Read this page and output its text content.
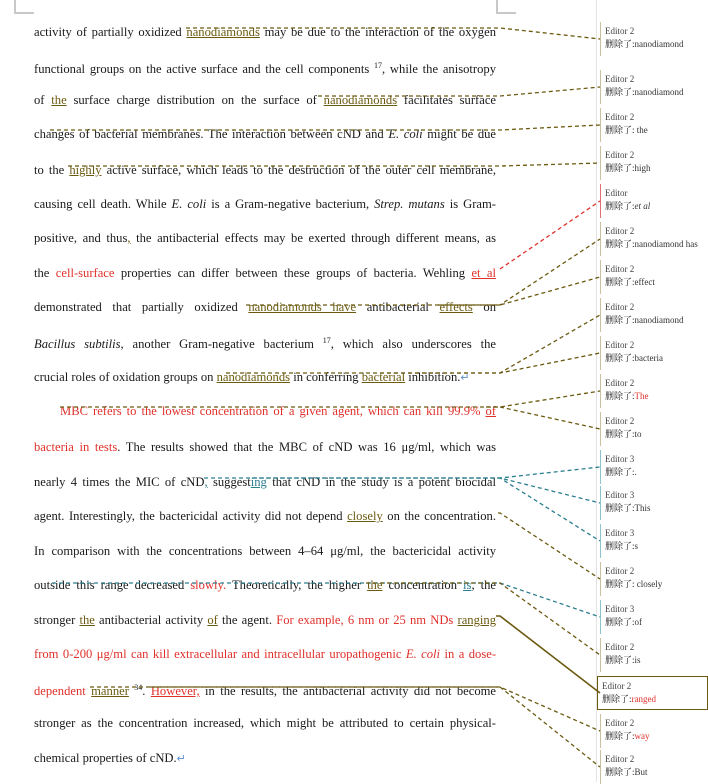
activity of partially oxidized nanodiamonds may be due to the interaction of the oxygen
functional groups on the active surface and the cell components $^{17}$, while the anisotropy
of the surface charge distribution on the surface of nanodiamonds facilitates surface
changes of bacterial membranes. The interaction between cND and E. coli might be due
to the highly active surface, which leads to the destruction of the outer cell membrane,
causing cell death. While E. coli is a Gram-negative bacterium, Strep. mutans is Gram-
positive, and thus, the antibacterial effects may be exerted through different means, as
the cell-surface properties can differ between these groups of bacteria. Wehling et al
demonstrated that partially oxidized nanodiamonds have antibacterial effects on
Bacillus subtilis, another Gram-negative bacterium $^{17}$, which also underscores the
crucial roles of oxidation groups on nanodiamonds in conferring bacterial inhibition.↵
MBC refers to the lowest concentration of a given agent, which can kill 99.9% of
bacteria in tests. The results showed that the MBC of cND was 16 μg/ml, which was
nearly 4 times the MIC of cND, suggesting that cND in the study is a potent biocidal
agent. Interestingly, the bactericidal activity did not depend closely on the concentration.
In comparison with the concentrations between 4–64 μg/ml, the bactericidal activity
outside this range decreased slowly. Theoretically, the higher the concentration is, the
stronger the antibacterial activity of the agent. For example, 6 nm or 25 nm NDs ranging
from 0-200 μg/ml can kill extracellular and intracellular uropathogenic E. coli in a dose-
dependent manner $^{34}$. However, in the results, the antibacterial activity did not become
stronger as the concentration increased, which might be attributed to certain physical-
chemical properties of cND.↵
Editor 2
删除了:nanodiamond
Editor 2
删除了:nanodiamond
Editor 2
删除了: the
Editor 2
删除了:high
Editor
删除了:et al
Editor 2
删除了:nanodiamond has
Editor 2
删除了:effect
Editor 2
删除了:nanodiamond
Editor 2
删除了:bacteria
Editor 2
删除了:The
Editor 2
删除了:to
Editor 3
删除了:.
Editor 3
删除了:This
Editor 3
删除了:s
Editor 2
删除了: closely
Editor 3
删除了:of
Editor 2
删除了:is
Editor 2
删除了:ranged
Editor 2
删除了:way
Editor 2
删除了:But
